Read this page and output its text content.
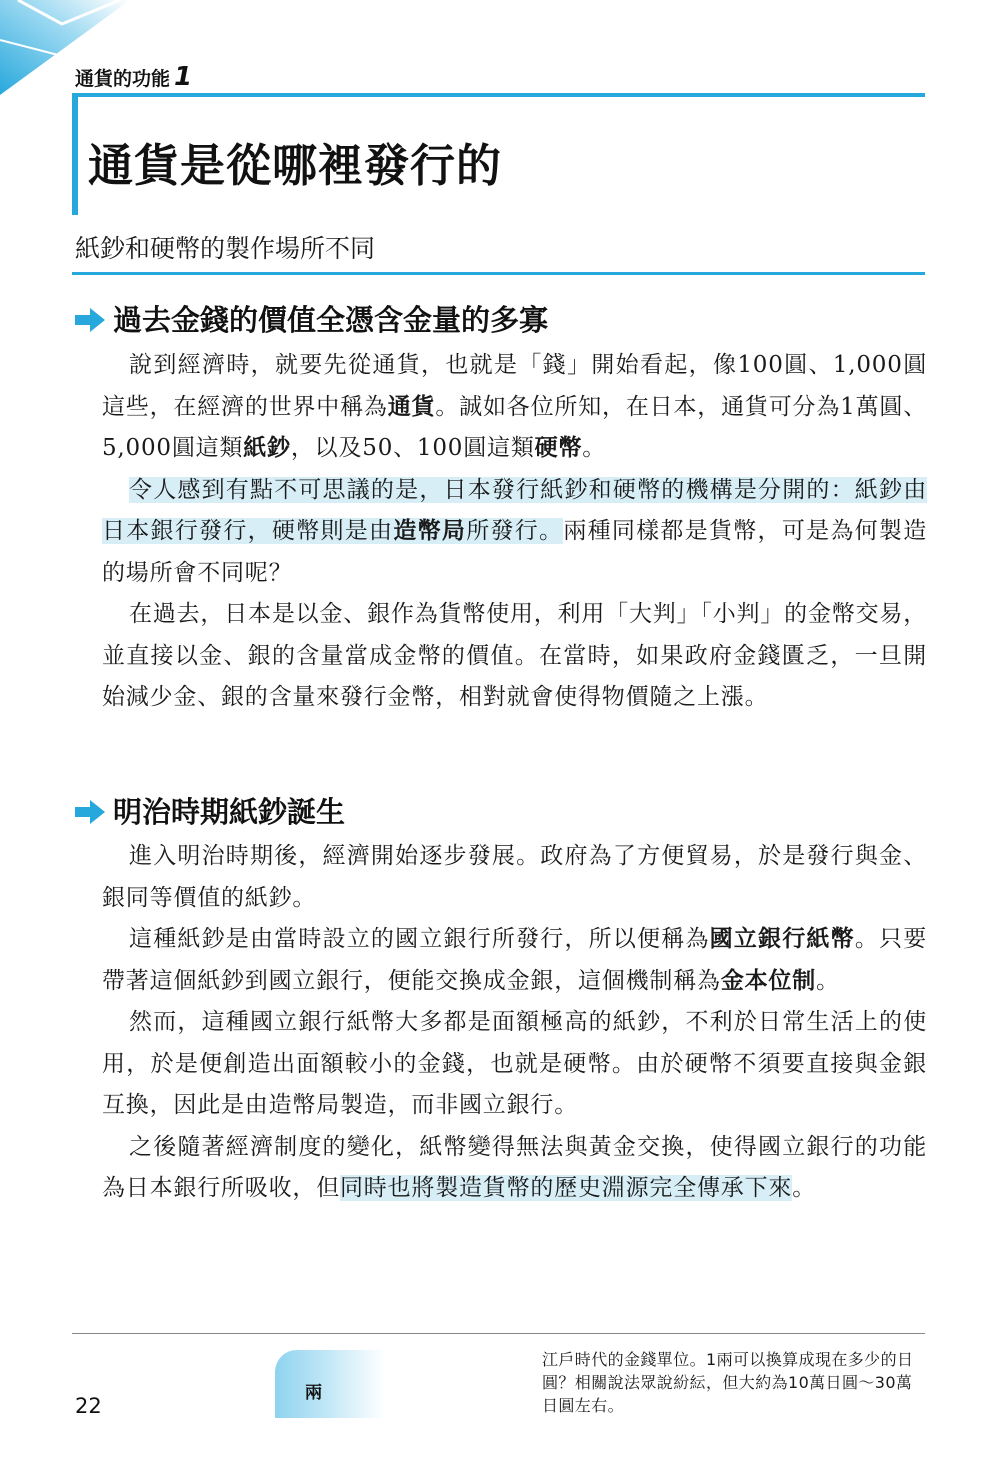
通貨的功能 1
通貨是從哪裡發行的

紙鈔和硬幣的製作場所不同

過去金錢的價值全憑含金量的多寡

說到經濟時，就要先從通貨，也就是「錢」開始看起，像100圓、1,000圓這些，在經濟的世界中稱為通貨。誠如各位所知，在日本，通貨可分為1萬圓、5,000圓這類紙鈔，以及50、100圓這類硬幣。

令人感到有點不可思議的是，日本發行紙鈔和硬幣的機構是分開的：紙鈔由日本銀行發行，硬幣則是由造幣局所發行。兩種同樣都是貨幣，可是為何製造的場所會不同呢？

在過去，日本是以金、銀作為貨幣使用，利用「大判」「小判」的金幣交易，並直接以金、銀的含量當成金幣的價值。在當時，如果政府金錢匱乏，一旦開始減少金、銀的含量來發行金幣，相對就會使得物價隨之上漲。

明治時期紙鈔誕生

進入明治時期後，經濟開始逐步發展。政府為了方便貿易，於是發行與金、銀同等價值的紙鈔。

這種紙鈔是由當時設立的國立銀行所發行，所以便稱為國立銀行紙幣。只要帶著這個紙鈔到國立銀行，便能交換成金銀，這個機制稱為金本位制。

然而，這種國立銀行紙幣大多都是面額極高的紙鈔，不利於日常生活上的使用，於是便創造出面額較小的金錢，也就是硬幣。由於硬幣不須要直接與金銀互換，因此是由造幣局製造，而非國立銀行。

之後隨著經濟制度的變化，紙幣變得無法與黃金交換，使得國立銀行的功能為日本銀行所吸收，但同時也將製造貨幣的歷史淵源完全傳承下來。

22
兩

江戶時代的金錢單位。1兩可以換算成現在多少的日圓？相關說法眾說紛紜，但大約為10萬日圓～30萬日圓左右。
